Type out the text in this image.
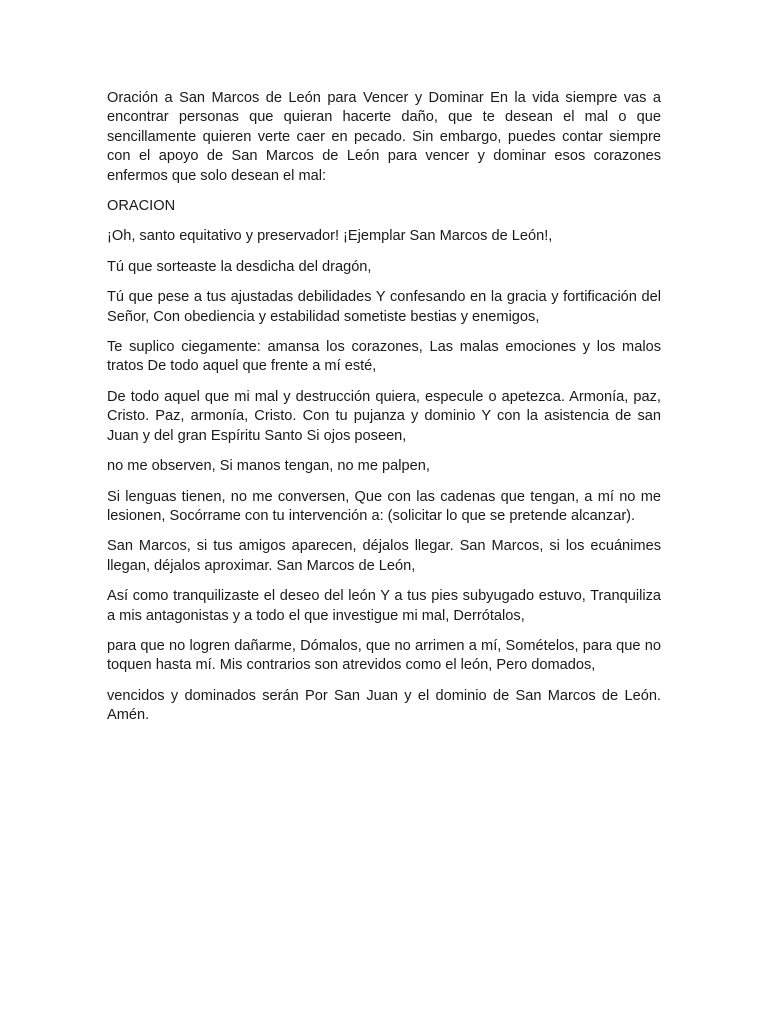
Oración a San Marcos de León para Vencer y Dominar En la vida siempre vas a encontrar personas que quieran hacerte daño, que te desean el mal o que sencillamente quieren verte caer en pecado. Sin embargo, puedes contar siempre con el apoyo de San Marcos de León para vencer y dominar esos corazones enfermos que solo desean el mal:

ORACION

¡Oh, santo equitativo y preservador! ¡Ejemplar San Marcos de León!,

Tú que sorteaste la desdicha del dragón,

Tú que pese a tus ajustadas debilidades Y confesando en la gracia y fortificación del Señor, Con obediencia y estabilidad sometiste bestias y enemigos,

Te suplico ciegamente: amansa los corazones, Las malas emociones y los malos tratos De todo aquel que frente a mí esté,

De todo aquel que mi mal y destrucción quiera, especule o apetezca. Armonía, paz, Cristo. Paz, armonía, Cristo. Con tu pujanza y dominio Y con la asistencia de san Juan y del gran Espíritu Santo Si ojos poseen,

no me observen, Si manos tengan, no me palpen,

Si lenguas tienen, no me conversen, Que con las cadenas que tengan, a mí no me lesionen, Socórrame con tu intervención a: (solicitar lo que se pretende alcanzar).

San Marcos, si tus amigos aparecen, déjalos llegar. San Marcos, si los ecuánimes llegan, déjalos aproximar. San Marcos de León,

Así como tranquilizaste el deseo del león Y a tus pies subyugado estuvo, Tranquiliza a mis antagonistas y a todo el que investigue mi mal, Derrótalos,

para que no logren dañarme, Dómalos, que no arrimen a mí, Somételos, para que no toquen hasta mí. Mis contrarios son atrevidos como el león, Pero domados,

vencidos y dominados serán Por San Juan y el dominio de San Marcos de León. Amén.
